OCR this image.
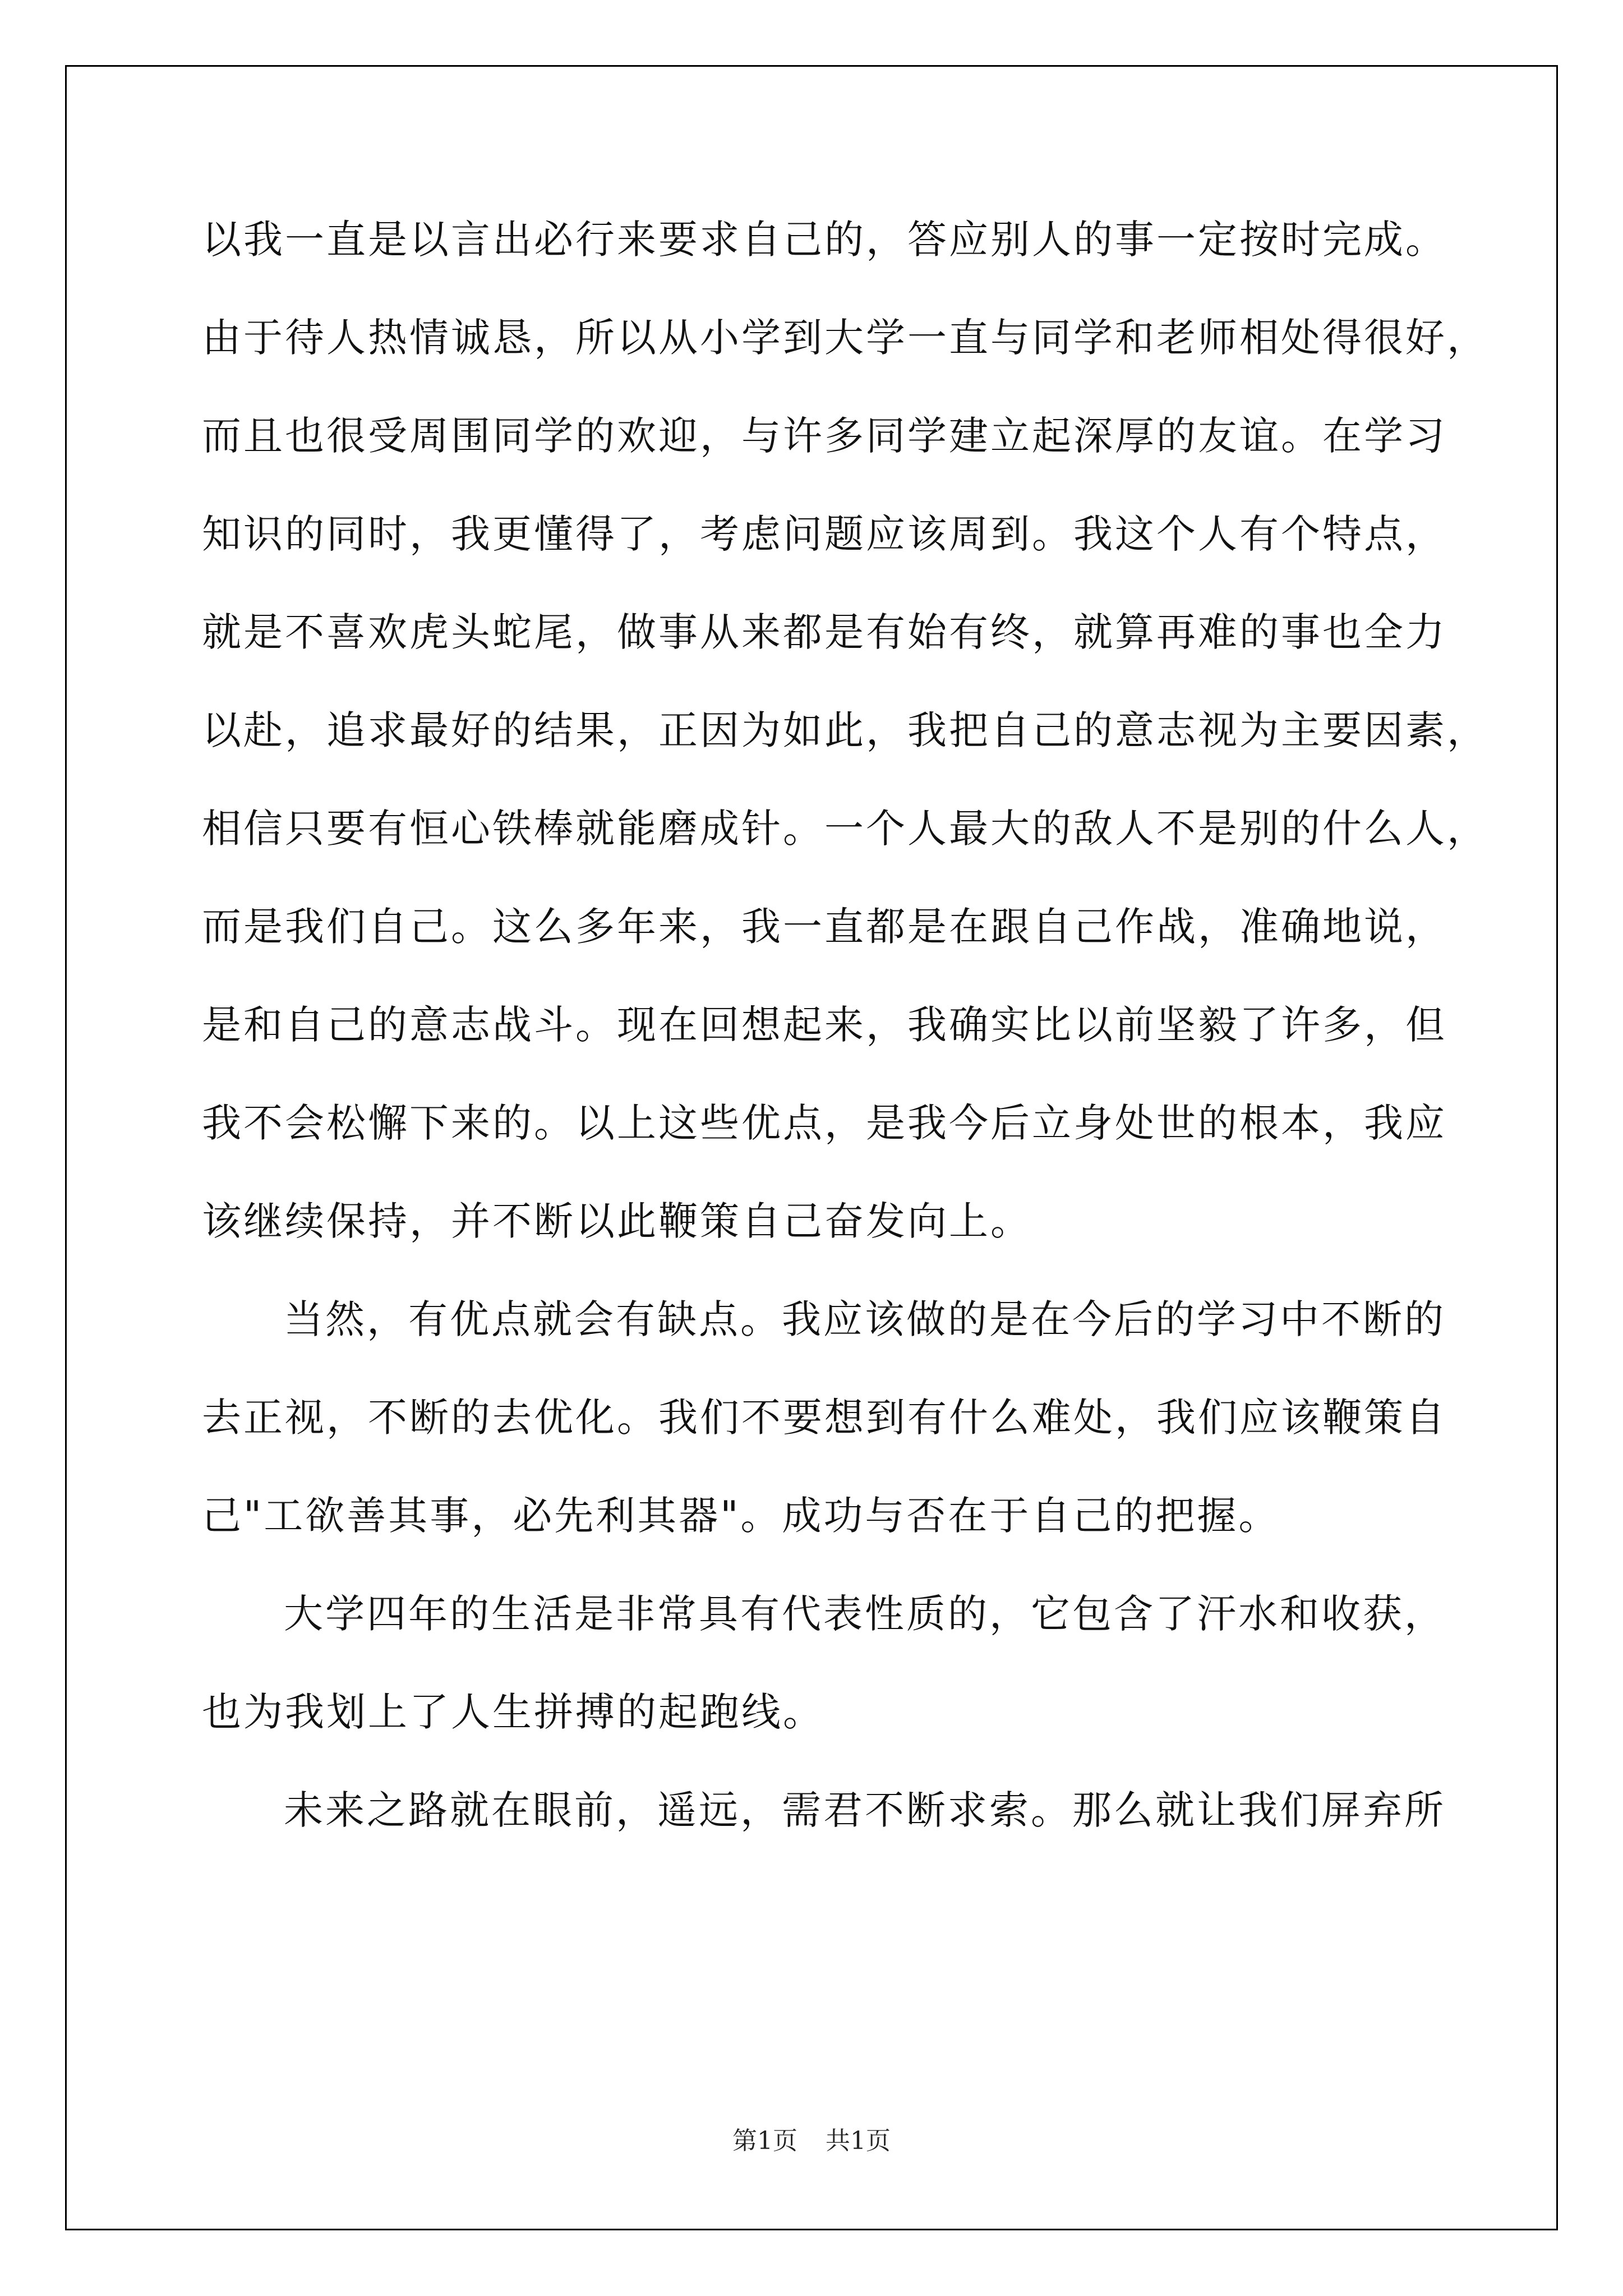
以我一直是以言出必行来要求自己的，答应别人的事一定按时完成。
由于待人热情诚恳，所以从小学到大学一直与同学和老师相处得很好，
而且也很受周围同学的欢迎，与许多同学建立起深厚的友谊。在学习
知识的同时，我更懂得了，考虑问题应该周到。我这个人有个特点，
就是不喜欢虎头蛇尾，做事从来都是有始有终，就算再难的事也全力
以赴，追求最好的结果，正因为如此，我把自己的意志视为主要因素，
相信只要有恒心铁棒就能磨成针。一个人最大的敌人不是别的什么人，
而是我们自己。这么多年来，我一直都是在跟自己作战，准确地说，
是和自己的意志战斗。现在回想起来，我确实比以前坚毅了许多，但
我不会松懈下来的。以上这些优点，是我今后立身处世的根本，我应
该继续保持，并不断以此鞭策自己奋发向上。
当然，有优点就会有缺点。我应该做的是在今后的学习中不断的
去正视，不断的去优化。我们不要想到有什么难处，我们应该鞭策自
己"工欲善其事，必先利其器"。成功与否在于自己的把握。
大学四年的生活是非常具有代表性质的，它包含了汗水和收获，
也为我划上了人生拼搏的起跑线。
未来之路就在眼前，遥远，需君不断求索。那么就让我们屏弃所
第1页 共1页
